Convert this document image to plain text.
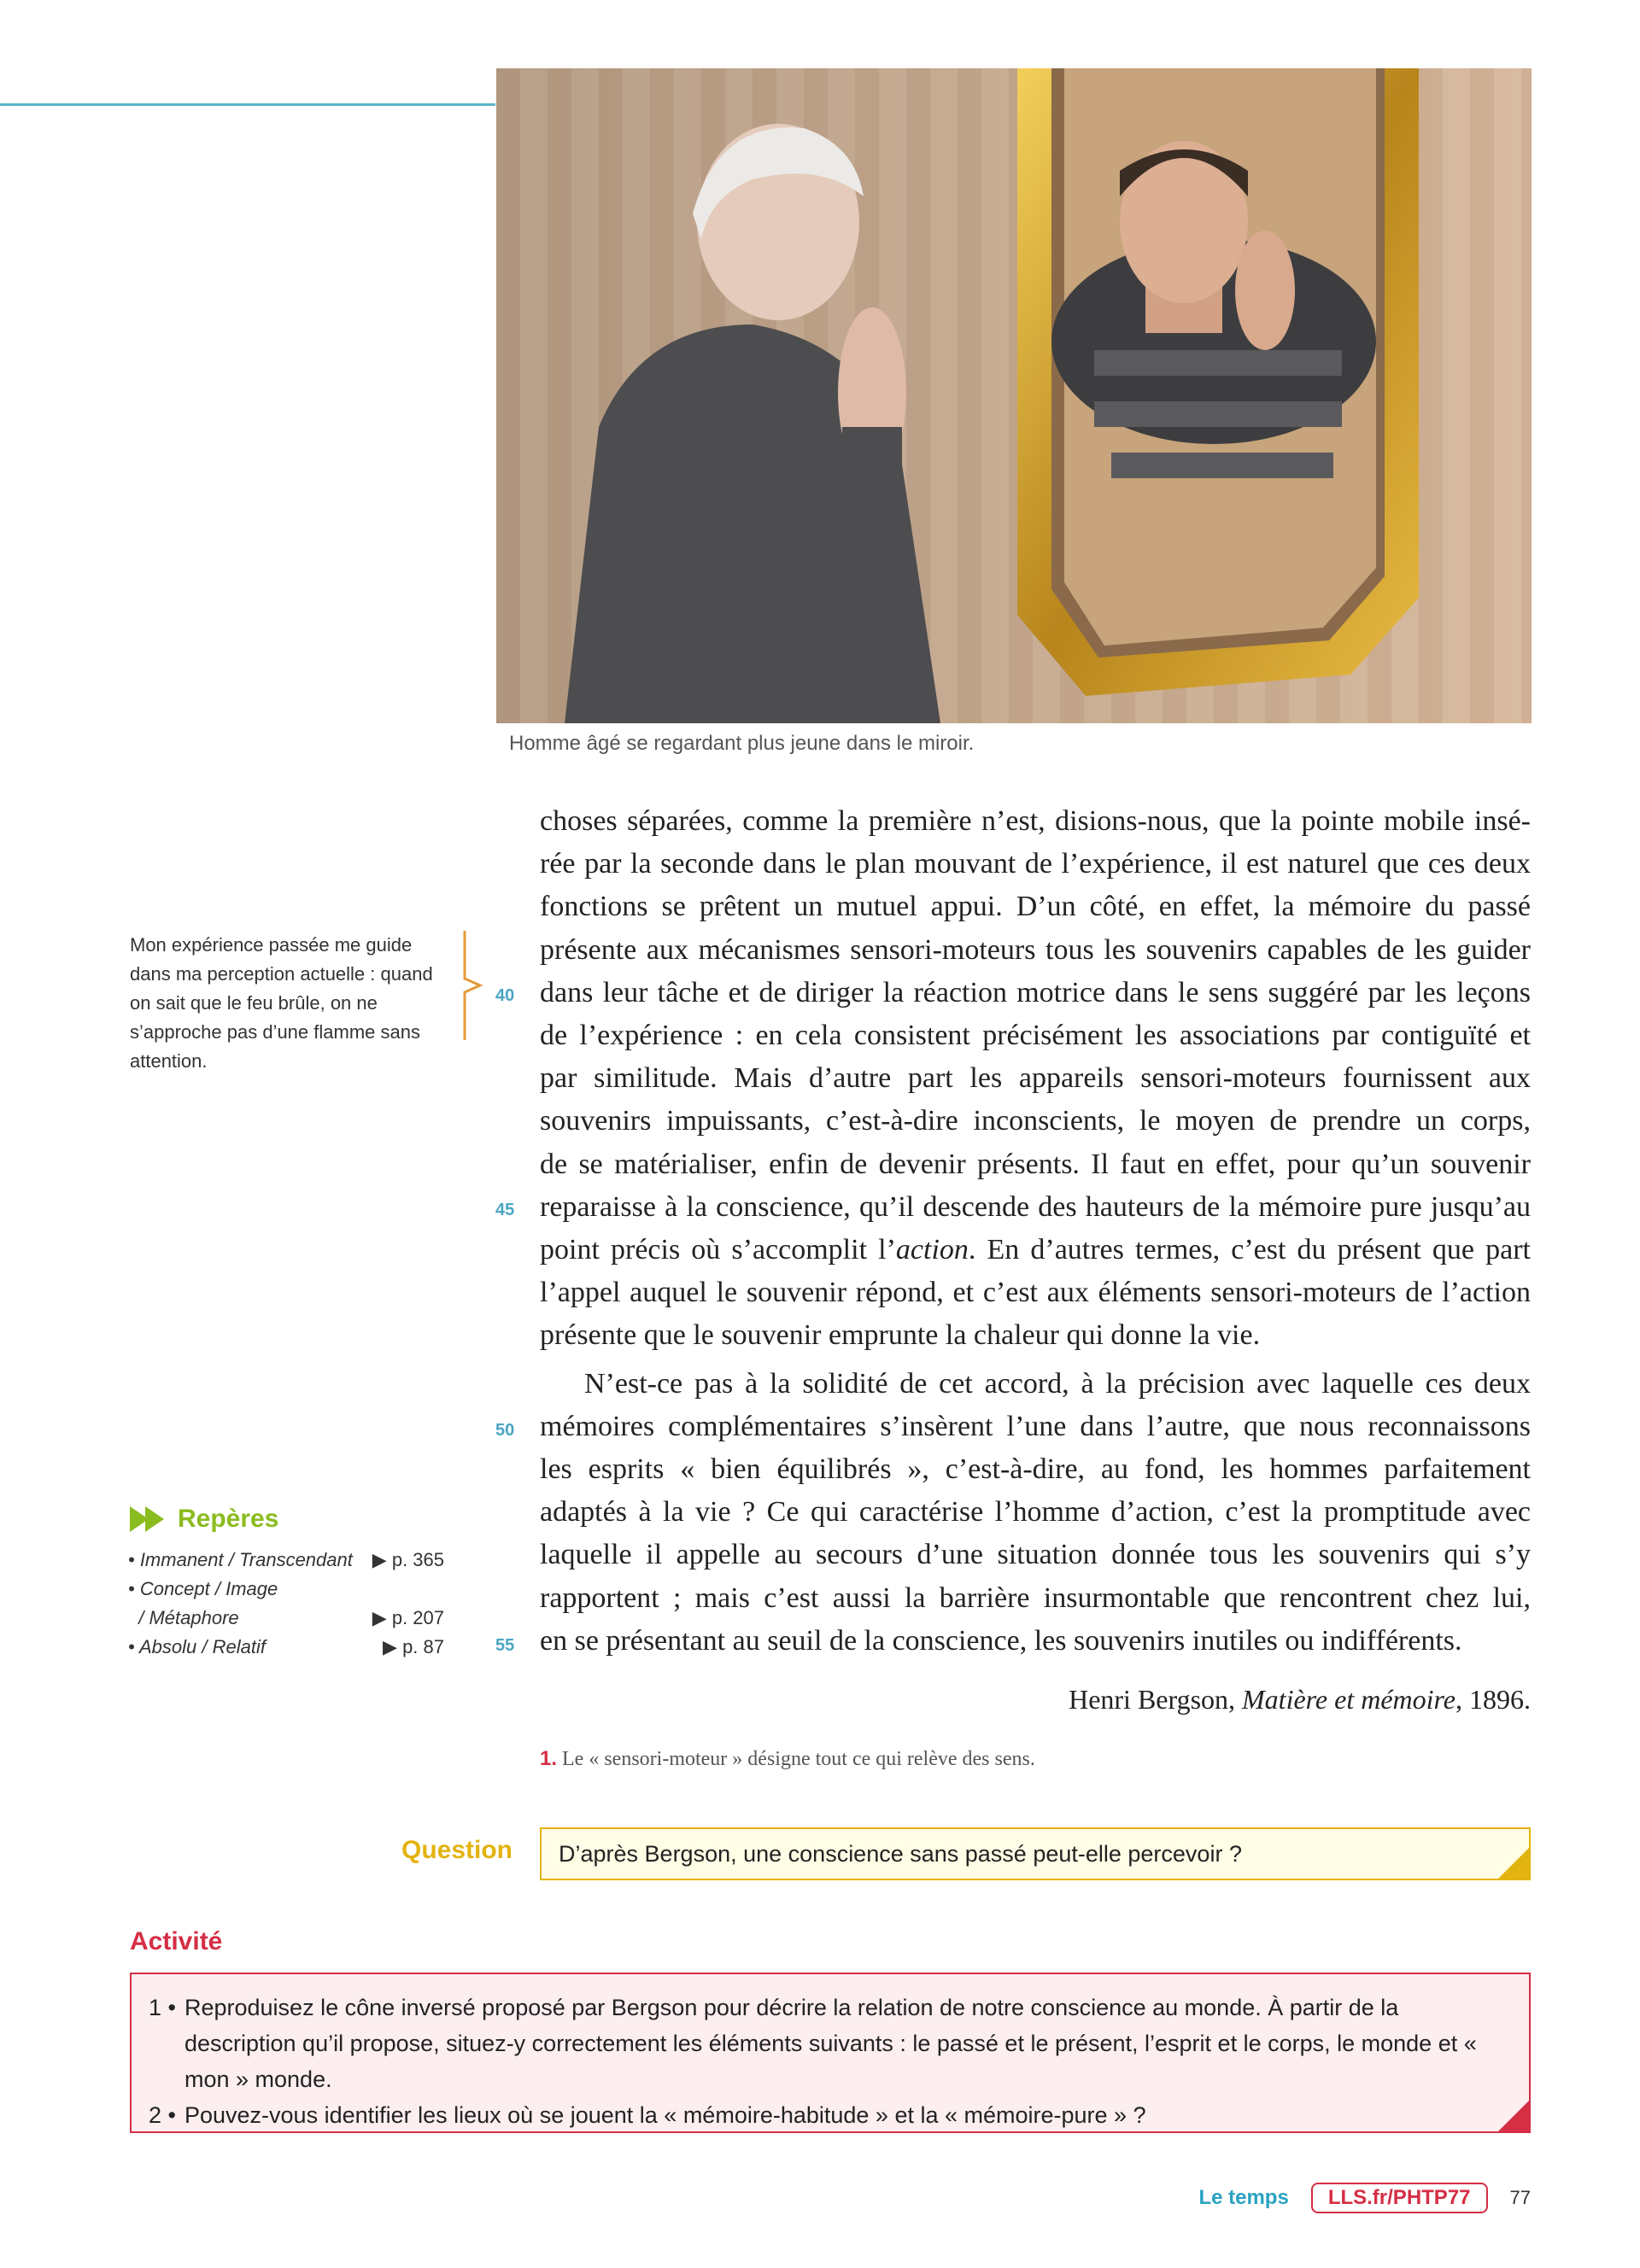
Homme âgé se regardant plus jeune dans le miroir.
Mon expérience passée me guide dans ma perception actuelle : quand on sait que le feu brûle, on ne s’approche pas d’une flamme sans attention.
40
45
50
55

choses séparées, comme la première n’est, disions-nous, que la pointe mobile insé-
rée par la seconde dans le plan mouvant de l’expérience, il est naturel que ces deux
fonctions se prêtent un mutuel appui. D’un côté, en effet, la mémoire du passé
présente aux mécanismes sensori-moteurs tous les souvenirs capables de les guider
dans leur tâche et de diriger la réaction motrice dans le sens suggéré par les leçons
de l’expérience : en cela consistent précisément les associations par contiguïté et
par similitude. Mais d’autre part les appareils sensori-moteurs fournissent aux
souvenirs impuissants, c’est-à-dire inconscients, le moyen de prendre un corps,
de se matérialiser, enfin de devenir présents. Il faut en effet, pour qu’un souvenir
reparaisse à la conscience, qu’il descende des hauteurs de la mémoire pure jusqu’au
point précis où s’accomplit l’action. En d’autres termes, c’est du présent que part
l’appel auquel le souvenir répond, et c’est aux éléments sensori-moteurs de l’action
présente que le souvenir emprunte la chaleur qui donne la vie.

N’est-ce pas à la solidité de cet accord, à la précision avec laquelle ces deux
mémoires complémentaires s’insèrent l’une dans l’autre, que nous reconnaissons
les esprits « bien équilibrés », c’est-à-dire, au fond, les hommes parfaitement
adaptés à la vie ? Ce qui caractérise l’homme d’action, c’est la promptitude avec
laquelle il appelle au secours d’une situation donnée tous les souvenirs qui s’y
rapportent ; mais c’est aussi la barrière insurmontable que rencontrent chez lui,
en se présentant au seuil de la conscience, les souvenirs inutiles ou indifférents.

Repères
• Immanent / Transcendant ▶ p. 365
• Concept / Image
/ Métaphore	▶ p. 207
• Absolu / Relatif	▶ p. 87
Henri Bergson, Matière et mémoire, 1896.
1. Le « sensori-moteur » désigne tout ce qui relève des sens.
Question	D’après Bergson, une conscience sans passé peut-elle percevoir ?
Activité
1 • Reproduisez le cône inversé proposé par Bergson pour décrire la relation de notre conscience au monde. À partir de la description qu’il propose, situez-y correctement les éléments suivants : le passé et le présent, l’esprit et le corps, le monde et « mon » monde.
2 • Pouvez-vous identifier les lieux où se jouent la « mémoire-habitude » et la « mémoire-pure » ?
Le temps	LLS.fr/PHTP77	77
